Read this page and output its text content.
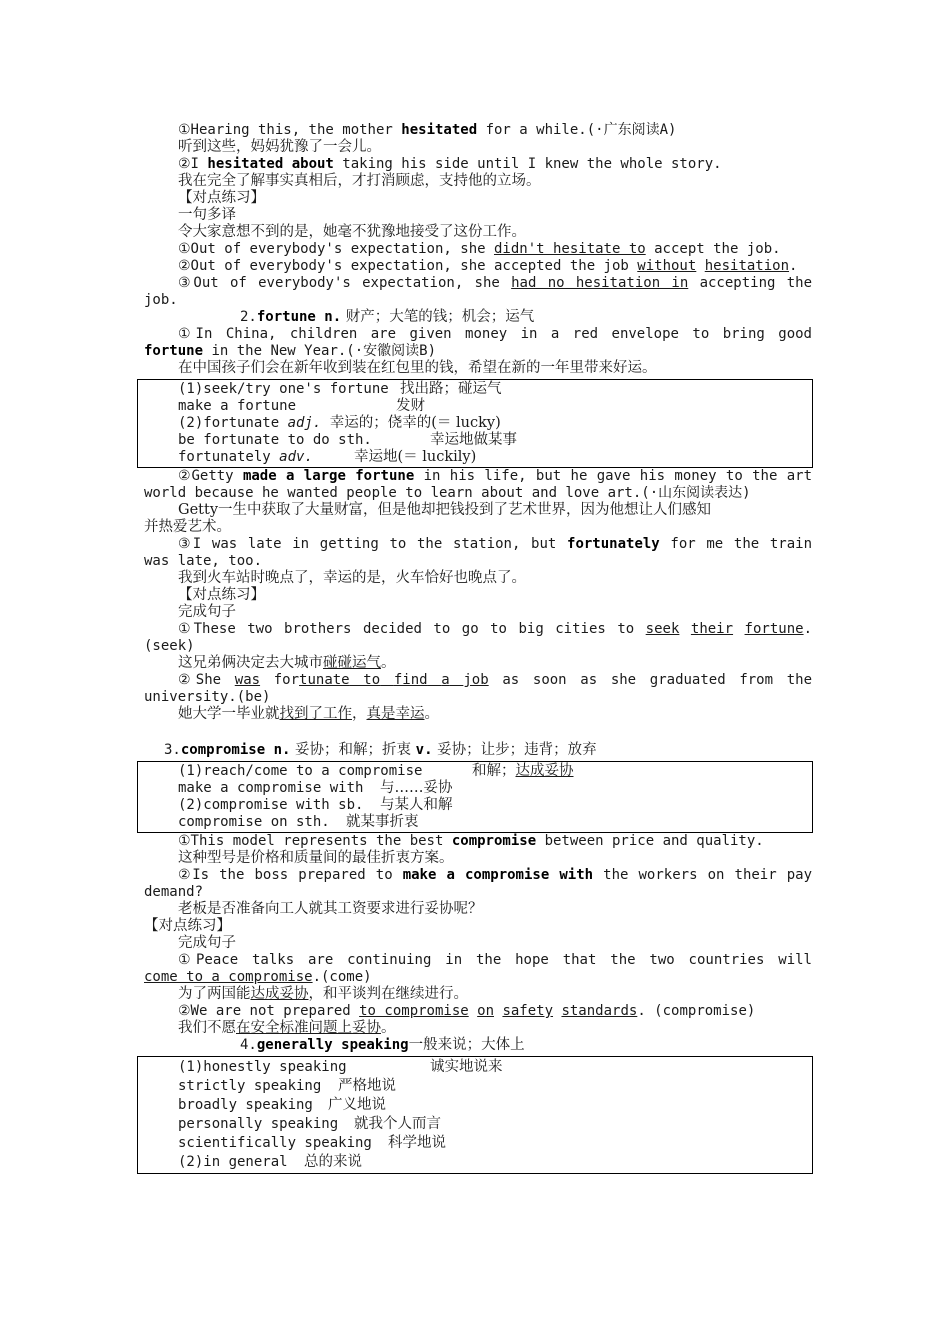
①Hearing this, the mother hesitated for a while.(·广东阅读A)
听到这些，妈妈犹豫了一会儿。
②I hesitated about taking his side until I knew the whole story.
我在完全了解事实真相后，才打消顾虑，支持他的立场。
【对点练习】
一句多译
令大家意想不到的是，她毫不犹豫地接受了这份工作。
①Out of everybody's expectation, she didn't hesitate to accept the job.
②Out of everybody's expectation, she accepted the job without hesitation.
③Out of everybody's expectation, she had no hesitation in accepting the
job.
2.fortune n. 财产；大笔的钱；机会；运气
①In China, children are given money in a red envelope to bring good
fortune in the New Year.(·安徽阅读B)
在中国孩子们会在新年收到装在红包里的钱，希望在新的一年里带来好运。
(1)seek/try one's fortune 找出路；碰运气
make a fortune	发财
(2)fortunate adj. 幸运的；侥幸的(＝ lucky)
be fortunate to do sth.	幸运地做某事
fortunately adv.	幸运地(＝ luckily)
②Getty made a large fortune in his life, but he gave his money to the art
world because he wanted people to learn about and love art.(·山东阅读表达)
Getty一生中获取了大量财富，但是他却把钱投到了艺术世界，因为他想让人们感知
并热爱艺术。
③I was late in getting to the station, but fortunately for me the train
was late, too.
我到火车站时晚点了，幸运的是，火车恰好也晚点了。
【对点练习】
完成句子
①These two brothers decided to go to big cities to seek their fortune.
(seek)
这兄弟俩决定去大城市碰碰运气。
②She was fortunate to find a job as soon as she graduated from the
university.(be)
她大学一毕业就找到了工作，真是幸运。
3.compromise n. 妥协；和解；折衷 v. 妥协；让步；违背；放弃
(1)reach/come to a compromise	和解；达成妥协
make a compromise with 与……妥协
(2)compromise with sb. 与某人和解
compromise on sth. 就某事折衷
①This model represents the best compromise between price and quality.
这种型号是价格和质量间的最佳折衷方案。
②Is the boss prepared to make a compromise with the workers on their pay
demand?
老板是否准备向工人就其工资要求进行妥协呢？
【对点练习】
完成句子
①Peace talks are continuing in the hope that the two countries will
come to a compromise.(come)
为了两国能达成妥协，和平谈判在继续进行。
②We are not prepared to compromise on safety standards. (compromise)
我们不愿在安全标准问题上妥协。
4.generally speaking一般来说；大体上
(1)honestly speaking	诚实地说来
strictly speaking 严格地说
broadly speaking 广义地说
personally speaking 就我个人而言
scientifically speaking 科学地说
(2)in general 总的来说
